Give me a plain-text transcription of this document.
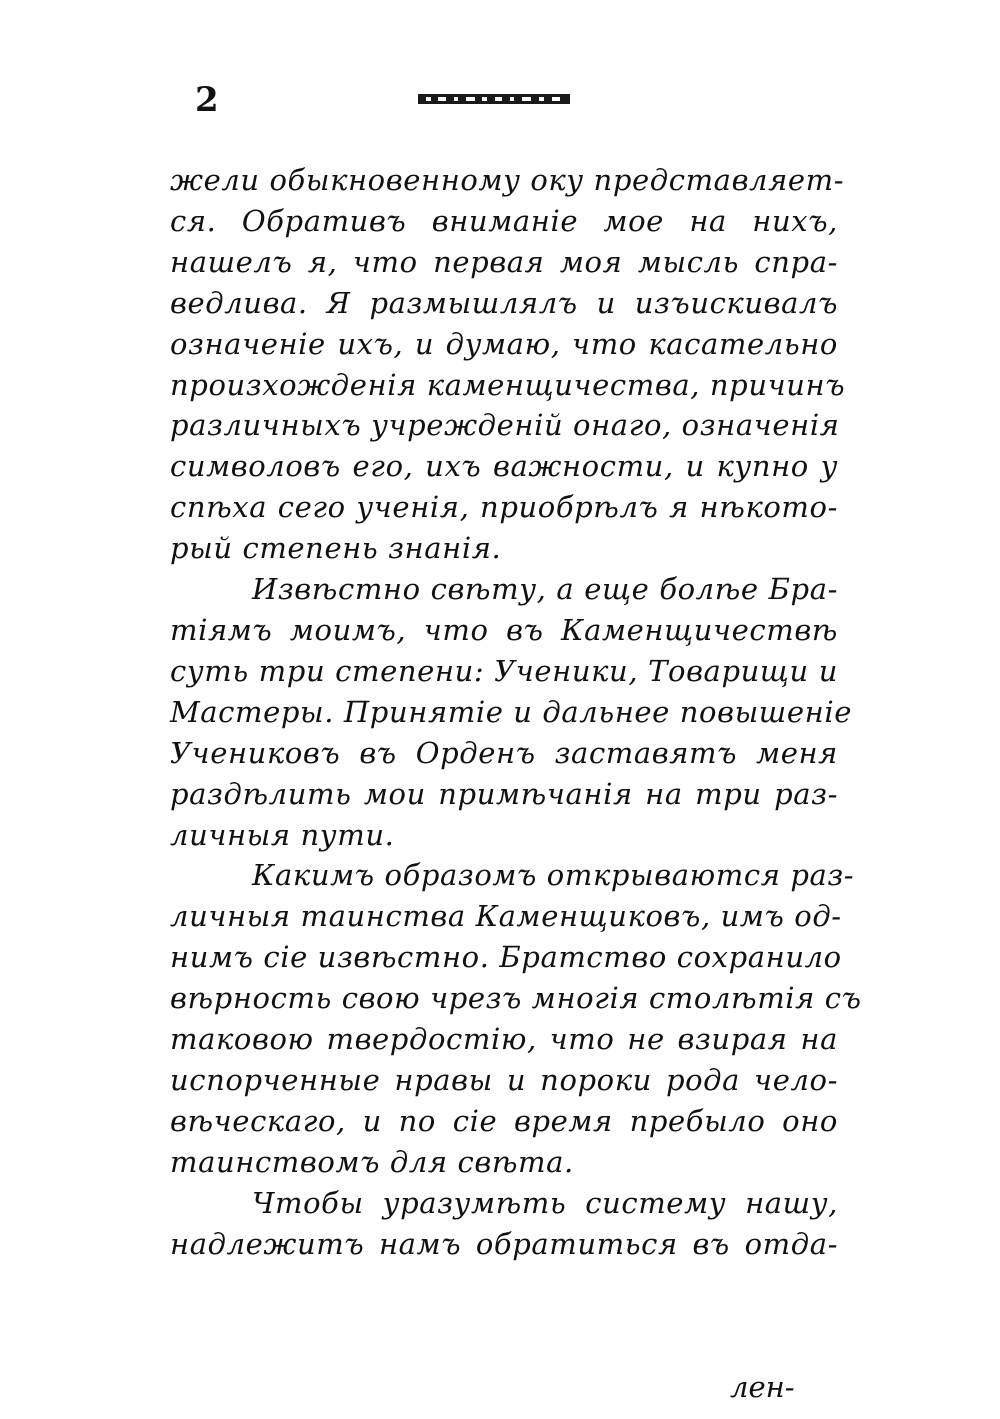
2
жели обыкновенному оку представляет-
ся. Обративъ вниманіе мое на нихъ,
нашелъ я, что первая моя мысль спра-
ведлива. Я размышлялъ и изъискивалъ
означеніе ихъ, и думаю, что касательно
произхожденія каменщичества, причинъ
различныхъ учрежденій онаго, означенія
символовъ его, ихъ важности, и купно у
спѣха сего ученія, приобрѣлъ я нѣкото-
рый степень знанія.
Извѣстно свѣту, а еще болѣе Бра-
тіямъ моимъ, что въ Каменщичествѣ
суть три степени: Ученики, Товарищи и
Мастеры. Принятіе и дальнее повышеніе
Учениковъ въ Орденъ заставятъ меня
раздѣлить мои примѣчанія на три раз-
личныя пути.
Какимъ образомъ открываются раз-
личныя таинства Каменщиковъ, имъ од-
нимъ сіе извѣстно. Братство сохранило
вѣрность свою чрезъ многія столѣтія съ
таковою твердостію, что не взирая на
испорченные нравы и пороки рода чело-
вѣческаго, и по сіе время пребыло оно
таинствомъ для свѣта.
Чтобы уразумѣть систему нашу,
надлежитъ намъ обратиться въ отда-
лен-
